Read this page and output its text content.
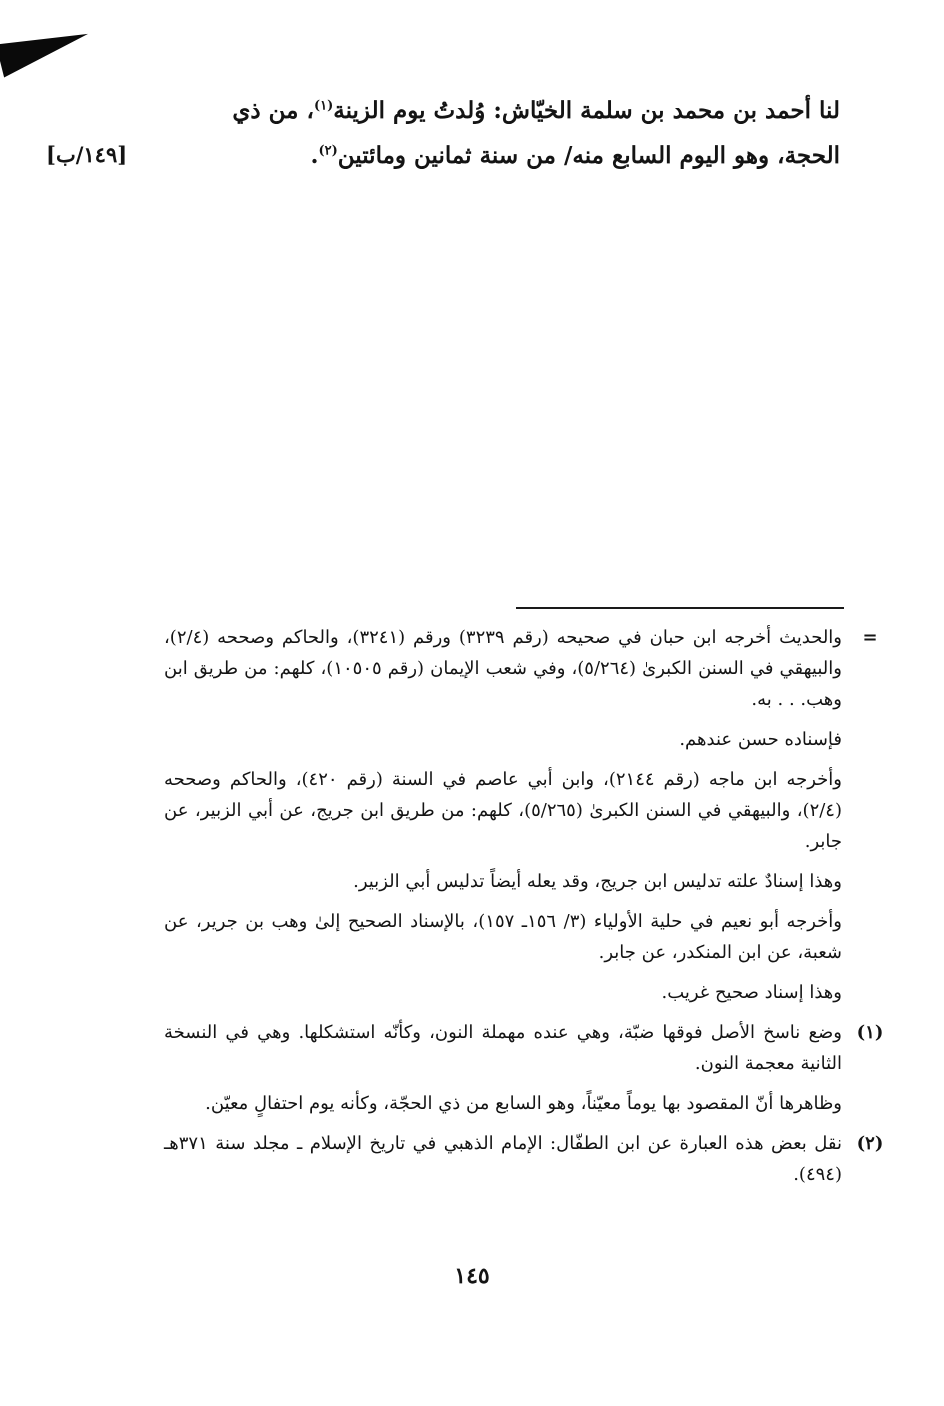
لنا أحمد بن محمد بن سلمة الخيّاش: وُلدتُ يوم الزينة$^{(١)}$، من ذي

الحجة، وهو اليوم السابع منه/ من سنة ثمانين ومائتين$^{(٢)}$.

[١٤٩/ب]
=

والحديث أخرجه ابن حبان في صحيحه (رقم ٣٢٣٩) ورقم (٣٢٤١)، والحاكم وصححه (٢/٤)، والبيهقي في السنن الكبرىٰ (٥/٢٦٤)، وفي شعب الإيمان (رقم ١٠٥٠٥)، كلهم: من طريق ابن وهب. . . به.

فإسناده حسن عندهم.

وأخرجه ابن ماجه (رقم ٢١٤٤)، وابن أبي عاصم في السنة (رقم ٤٢٠)، والحاكم وصححه (٢/٤)، والبيهقي في السنن الكبرىٰ (٥/٢٦٥)، كلهم: من طريق ابن جريج، عن أبي الزبير، عن جابر.

وهذا إسنادٌ علته تدليس ابن جريج، وقد يعله أيضاً تدليس أبي الزبير.

وأخرجه أبو نعيم في حلية الأولياء (٣/ ١٥٦ـ ١٥٧)، بالإسناد الصحيح إلىٰ وهب بن جرير، عن شعبة، عن ابن المنكدر، عن جابر.

وهذا إسناد صحيح غريب.

(١)

وضع ناسخ الأصل فوقها ضبّة، وهي عنده مهملة النون، وكأنّه استشكلها. وهي في النسخة الثانية معجمة النون.

وظاهرها أنّ المقصود بها يوماً معيّناً، وهو السابع من ذي الحجّة، وكأنه يوم احتفالٍ معيّن.

(٢)

نقل بعض هذه العبارة عن ابن الطفّال: الإمام الذهبي في تاريخ الإسلام ـ مجلد سنة ٣٧١هـ (٤٩٤).

١٤٥
